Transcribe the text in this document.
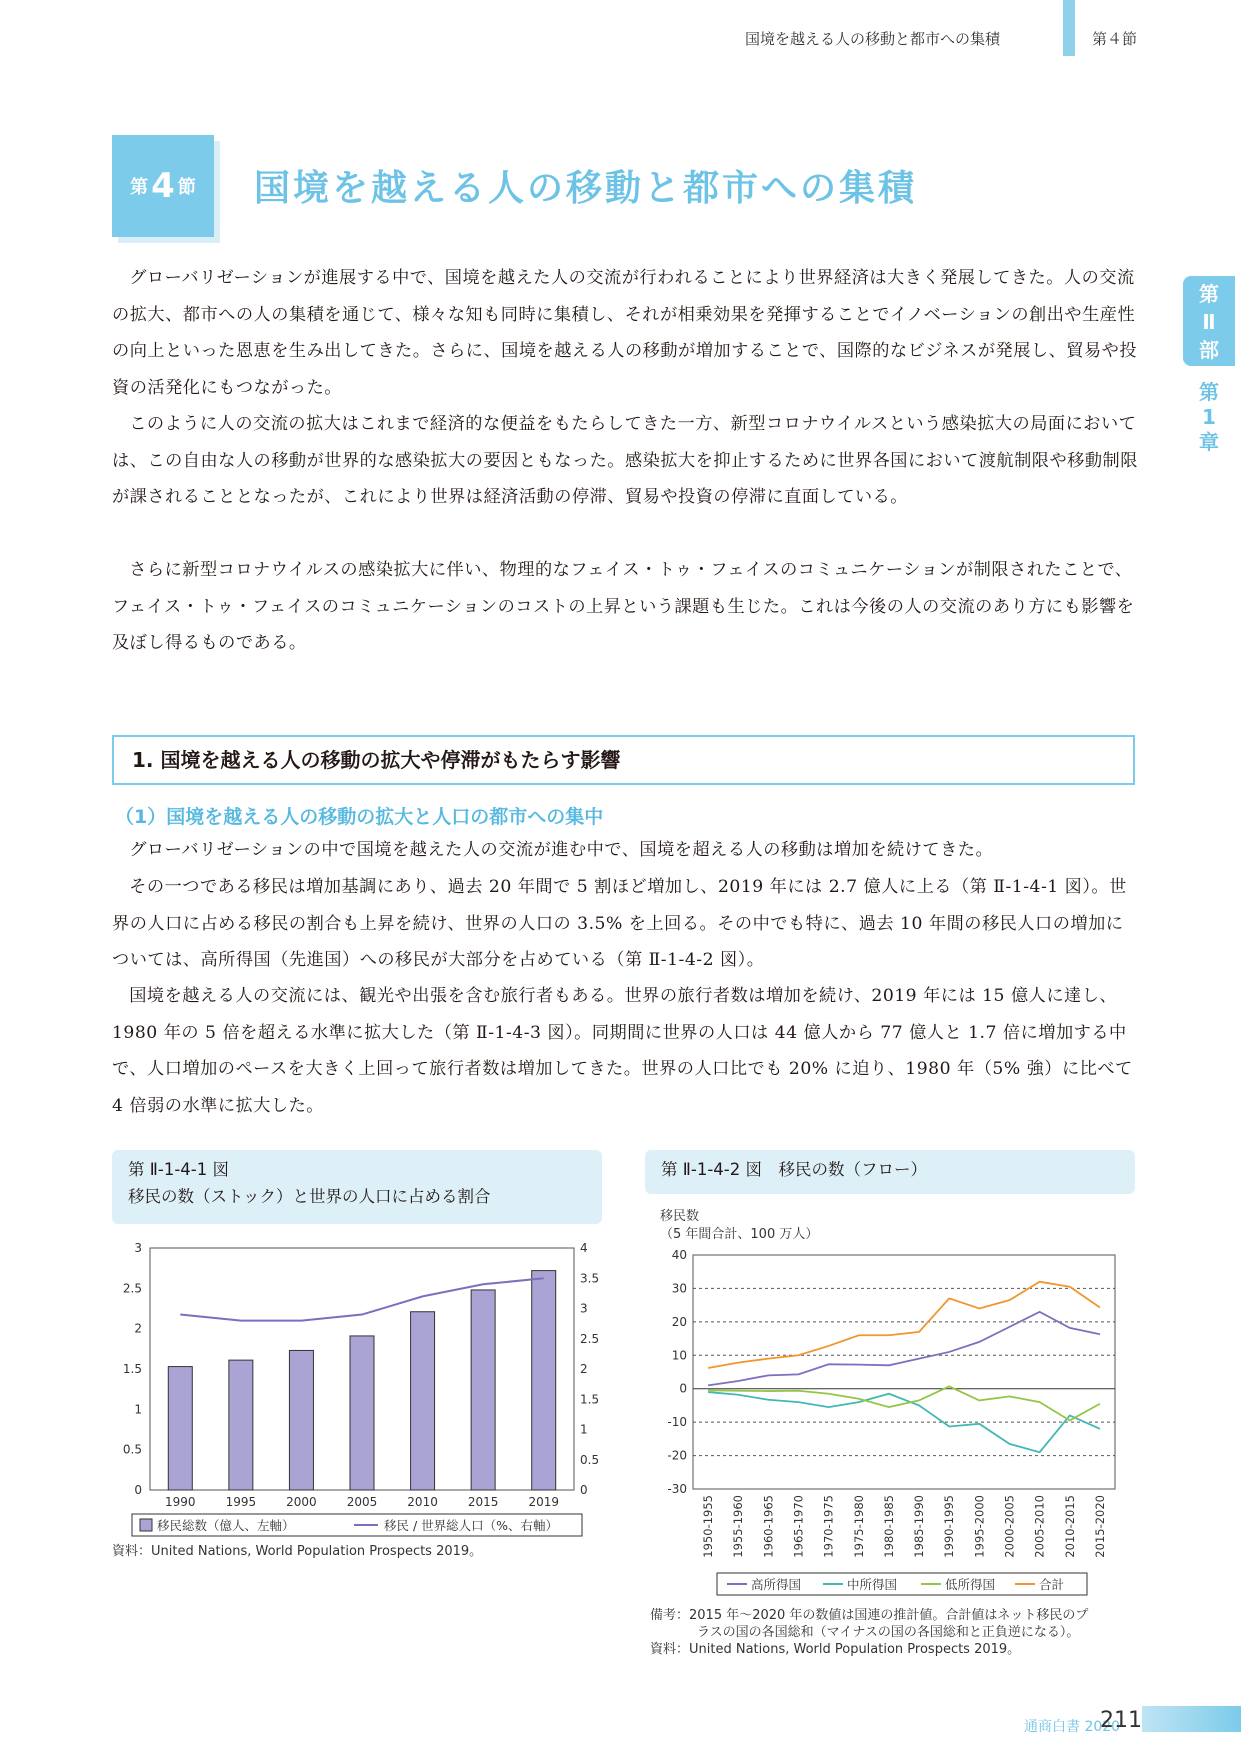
国境を越える人の移動と都市への集積	第４節
第 4 節 国境を越える人の移動と都市への集積
第
Ⅱ
部
第
1
章

グローバリゼーションが進展する中で、国境を越えた人の交流が行われることにより世界経済は大きく発展してきた。人の交流の拡大、都市への人の集積を通じて、様々な知も同時に集積し、それが相乗効果を発揮することでイノベーションの創出や生産性の向上といった恩恵を生み出してきた。さらに、国境を越える人の移動が増加することで、国際的なビジネスが発展し、貿易や投資の活発化にもつながった。

このように人の交流の拡大はこれまで経済的な便益をもたらしてきた一方、新型コロナウイルスという感染拡大の局面においては、この自由な人の移動が世界的な感染拡大の要因ともなった。感染拡大を抑止するために世界各国において渡航制限や移動制限が課されることとなったが、これにより世界は経済活動の停滞、貿易や投資の停滞に直面している。

さらに新型コロナウイルスの感染拡大に伴い、物理的なフェイス・トゥ・フェイスのコミュニケーションが制限されたことで、フェイス・トゥ・フェイスのコミュニケーションのコストの上昇という課題も生じた。これは今後の人の交流のあり方にも影響を及ぼし得るものである。

1. 国境を越える人の移動の拡大や停滞がもたらす影響
（1）国境を越える人の移動の拡大と人口の都市への集中

グローバリゼーションの中で国境を越えた人の交流が進む中で、国境を超える人の移動は増加を続けてきた。

その一つである移民は増加基調にあり、過去 20 年間で 5 割ほど増加し、2019 年には 2.7 億人に上る（第 Ⅱ-1-4-1 図）。世界の人口に占める移民の割合も上昇を続け、世界の人口の 3.5% を上回る。その中でも特に、過去 10 年間の移民人口の増加については、高所得国（先進国）への移民が大部分を占めている（第 Ⅱ-1-4-2 図）。

国境を越える人の交流には、観光や出張を含む旅行者もある。世界の旅行者数は増加を続け、2019 年には 15 億人に達し、1980 年の 5 倍を超える水準に拡大した（第 Ⅱ-1-4-3 図）。同期間に世界の人口は 44 億人から 77 億人と 1.7 倍に増加する中で、人口増加のペースを大きく上回って旅行者数は増加してきた。世界の人口比でも 20% に迫り、1980 年（5% 強）に比べて 4 倍弱の水準に拡大した。

第 Ⅱ-1-4-1 図
移民の数（ストック）と世界の人口に占める割合
0
0.5
1
1.5
2
2.5
3
0
0.5
1
1.5
2
2.5
3
3.5
4
1990	1995	2000	2005	2010	2015	2019
移民総数（億人、左軸）	移民 / 世界総人口（%、右軸）
資料：United Nations, World Population Prospects 2019。
第 Ⅱ-1-4-2 図　移民の数（フロー）
移民数
（5 年間合計、100 万人）
-30
-20
-10
0
10
20
30
40
1950-1955 1955-1960 1960-1965 1965-1970 1970-1975 1975-1980 1980-1985 1985-1990 1990-1995 1995-2000 2000-2005 2005-2010 2010-2015 2015-2020
高所得国	中所得国	低所得国	合計
備考：2015 年～2020 年の数値は国連の推計値。合計値はネット移民のプ
ラスの国の各国総和（マイナスの国の各国総和と正負逆になる）。
資料：United Nations, World Population Prospects 2019。
通商白書 2020
211
